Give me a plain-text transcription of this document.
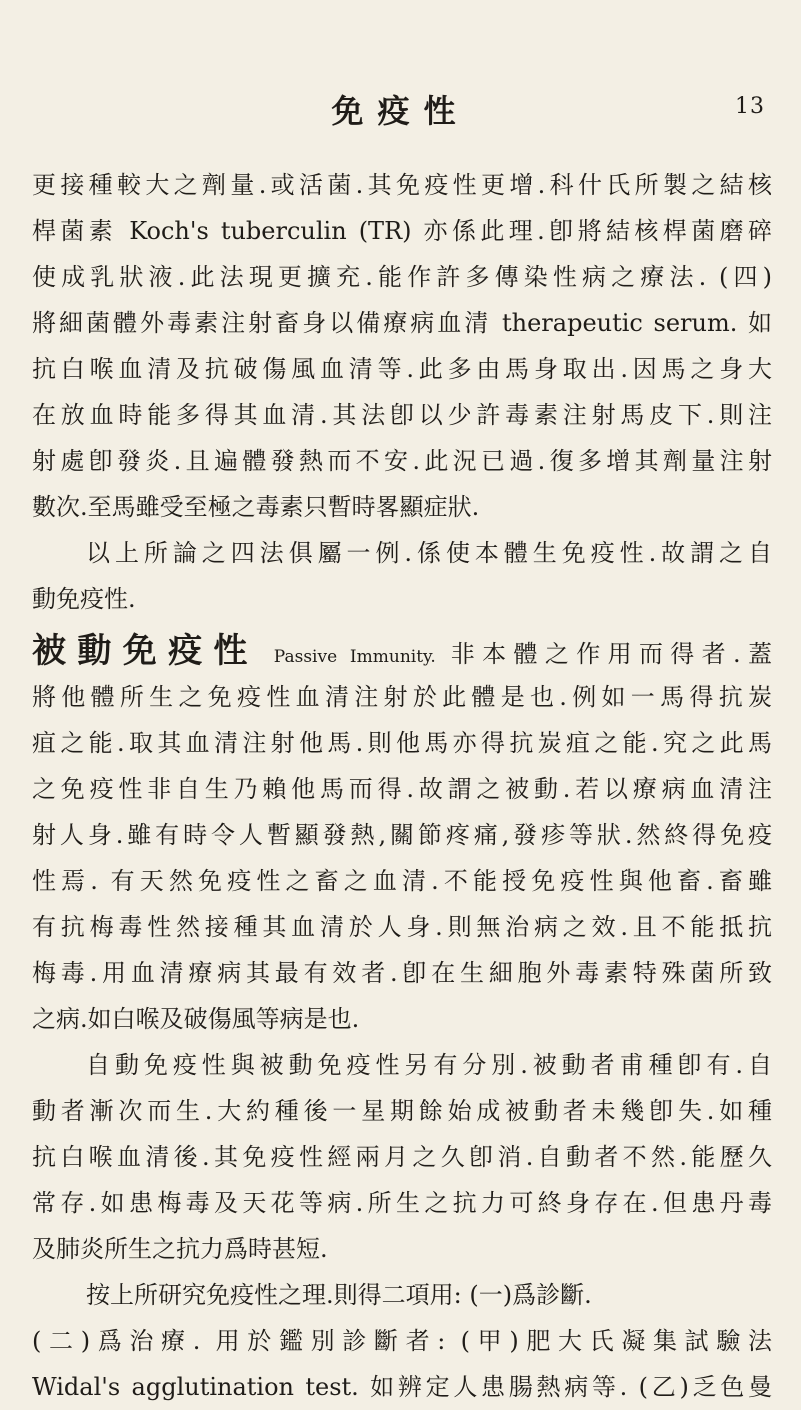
免疫性	13
更接種較大之劑量.或活菌.其免疫性更增.科什氏所製之結核
桿菌素 Koch's tuberculin (TR) 亦係此理.卽將結核桿菌磨碎
使成乳狀液.此法現更擴充.能作許多傳染性病之療法. (四)
將細菌體外毒素注射畜身以備療病血清 therapeutic serum. 如
抗白喉血清及抗破傷風血清等.此多由馬身取出.因馬之身大
在放血時能多得其血清.其法卽以少許毒素注射馬皮下.則注
射處卽發炎.且遍體發熱而不安.此況已過.復多增其劑量注射
數次.至馬雖受至極之毒素只暫時畧顯症狀.
以上所論之四法俱屬一例.係使本體生免疫性.故謂之自
動免疫性.
被動免疫性 Passive Immunity. 非本體之作用而得者.蓋
將他體所生之免疫性血清注射於此體是也.例如一馬得抗炭
疽之能.取其血清注射他馬.則他馬亦得抗炭疽之能.究之此馬
之免疫性非自生乃賴他馬而得.故謂之被動.若以療病血清注
射人身.雖有時令人暫顯發熱,關節疼痛,發疹等狀.然終得免疫
性焉. 有天然免疫性之畜之血清.不能授免疫性與他畜.畜雖
有抗梅毒性然接種其血清於人身.則無治病之效.且不能抵抗
梅毒.用血清療病其最有效者.卽在生細胞外毒素特殊菌所致
之病.如白喉及破傷風等病是也.
自動免疫性與被動免疫性另有分別.被動者甫種卽有.自
動者漸次而生.大約種後一星期餘始成被動者未幾卽失.如種
抗白喉血清後.其免疫性經兩月之久卽消.自動者不然.能歷久
常存.如患梅毒及天花等病.所生之抗力可終身存在.但患丹毒
及肺炎所生之抗力爲時甚短.
按上所研究免疫性之理.則得二項用: (一)爲診斷.
(二)爲治療. 用於鑑別診斷者: (甲)肥大氏凝集試驗法
Widal's agglutination test. 如辨定人患腸熱病等. (乙)乏色曼
